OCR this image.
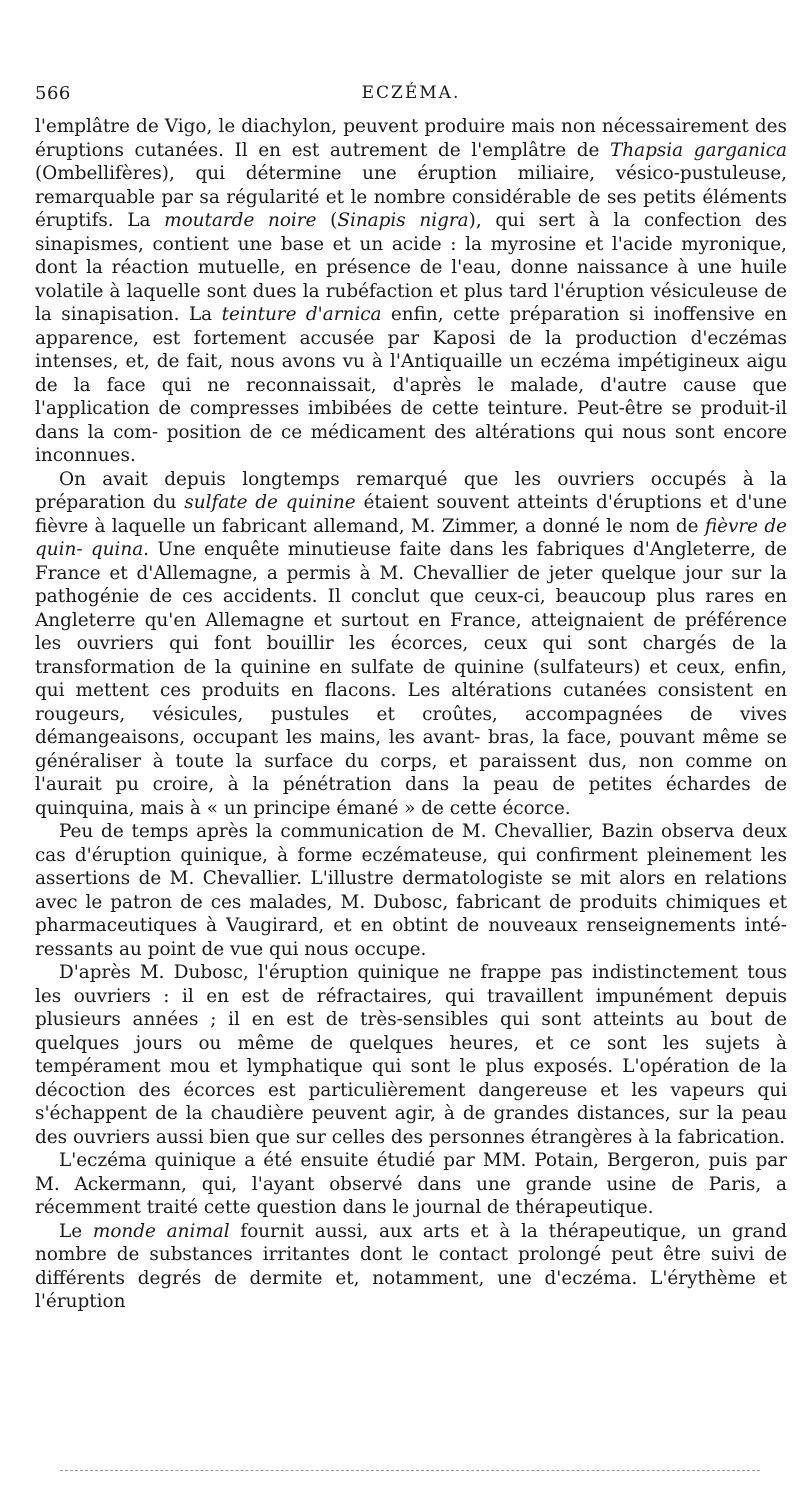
566	ECZÉMA.

l'emplâtre de Vigo, le diachylon, peuvent produire mais non nécessairement des éruptions cutanées. Il en est autrement de l'emplâtre de Thapsia garganica (Ombellifères), qui détermine une éruption miliaire, vésico-pustuleuse, remarquable par sa régularité et le nombre considérable de ses petits éléments éruptifs. La moutarde noire (Sinapis nigra), qui sert à la confection des sinapismes, contient une base et un acide : la myrosine et l'acide myronique, dont la réaction mutuelle, en présence de l'eau, donne naissance à une huile volatile à laquelle sont dues la rubéfaction et plus tard l'éruption vésiculeuse de la sinapisation. La teinture d'arnica enfin, cette préparation si inoffensive en apparence, est fortement accusée par Kaposi de la production d'eczémas intenses, et, de fait, nous avons vu à l'Antiquaille un eczéma impétigineux aigu de la face qui ne reconnaissait, d'après le malade, d'autre cause que l'application de compresses imbibées de cette teinture. Peut-être se produit-il dans la com- position de ce médicament des altérations qui nous sont encore inconnues.

On avait depuis longtemps remarqué que les ouvriers occupés à la préparation du sulfate de quinine étaient souvent atteints d'éruptions et d'une fièvre à laquelle un fabricant allemand, M. Zimmer, a donné le nom de fièvre de quin- quina. Une enquête minutieuse faite dans les fabriques d'Angleterre, de France et d'Allemagne, a permis à M. Chevallier de jeter quelque jour sur la pathogénie de ces accidents. Il conclut que ceux-ci, beaucoup plus rares en Angleterre qu'en Allemagne et surtout en France, atteignaient de préférence les ouvriers qui font bouillir les écorces, ceux qui sont chargés de la transformation de la quinine en sulfate de quinine (sulfateurs) et ceux, enfin, qui mettent ces produits en flacons. Les altérations cutanées consistent en rougeurs, vésicules, pustules et croûtes, accompagnées de vives démangeaisons, occupant les mains, les avant- bras, la face, pouvant même se généraliser à toute la surface du corps, et paraissent dus, non comme on l'aurait pu croire, à la pénétration dans la peau de petites échardes de quinquina, mais à « un principe émané » de cette écorce.

Peu de temps après la communication de M. Chevallier, Bazin observa deux cas d'éruption quinique, à forme eczémateuse, qui confirment pleinement les assertions de M. Chevallier. L'illustre dermatologiste se mit alors en relations avec le patron de ces malades, M. Dubosc, fabricant de produits chimiques et pharmaceutiques à Vaugirard, et en obtint de nouveaux renseignements inté- ressants au point de vue qui nous occupe.

D'après M. Dubosc, l'éruption quinique ne frappe pas indistinctement tous les ouvriers : il en est de réfractaires, qui travaillent impunément depuis plusieurs années ; il en est de très-sensibles qui sont atteints au bout de quelques jours ou même de quelques heures, et ce sont les sujets à tempérament mou et lymphatique qui sont le plus exposés. L'opération de la décoction des écorces est particulièrement dangereuse et les vapeurs qui s'échappent de la chaudière peuvent agir, à de grandes distances, sur la peau des ouvriers aussi bien que sur celles des personnes étrangères à la fabrication.

L'eczéma quinique a été ensuite étudié par MM. Potain, Bergeron, puis par M. Ackermann, qui, l'ayant observé dans une grande usine de Paris, a récemment traité cette question dans le journal de thérapeutique.

Le monde animal fournit aussi, aux arts et à la thérapeutique, un grand nombre de substances irritantes dont le contact prolongé peut être suivi de différents degrés de dermite et, notamment, une d'eczéma. L'érythème et l'éruption
